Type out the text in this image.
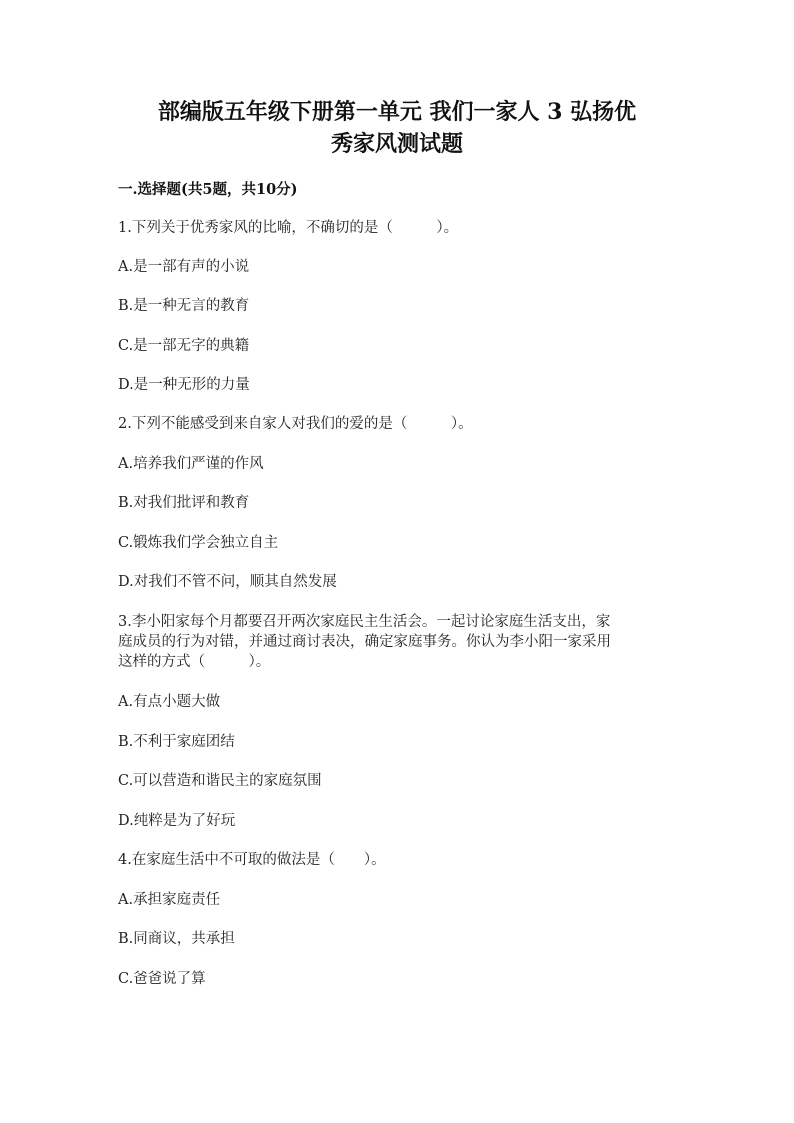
部编版五年级下册第一单元 我们一家人 3 弘扬优
秀家风测试题
一.选择题(共5题，共10分)
1.下列关于优秀家风的比喻，不确切的是（　　　）。
A.是一部有声的小说
B.是一种无言的教育
C.是一部无字的典籍
D.是一种无形的力量
2.下列不能感受到来自家人对我们的爱的是（　　　）。
A.培养我们严谨的作风
B.对我们批评和教育
C.锻炼我们学会独立自主
D.对我们不管不问，顺其自然发展
3.李小阳家每个月都要召开两次家庭民主生活会。一起讨论家庭生活支出，家
庭成员的行为对错，并通过商讨表决，确定家庭事务。你认为李小阳一家采用
这样的方式（　　　）。
A.有点小题大做
B.不利于家庭团结
C.可以营造和谐民主的家庭氛围
D.纯粹是为了好玩
4.在家庭生活中不可取的做法是（　　）。
A.承担家庭责任
B.同商议，共承担
C.爸爸说了算
